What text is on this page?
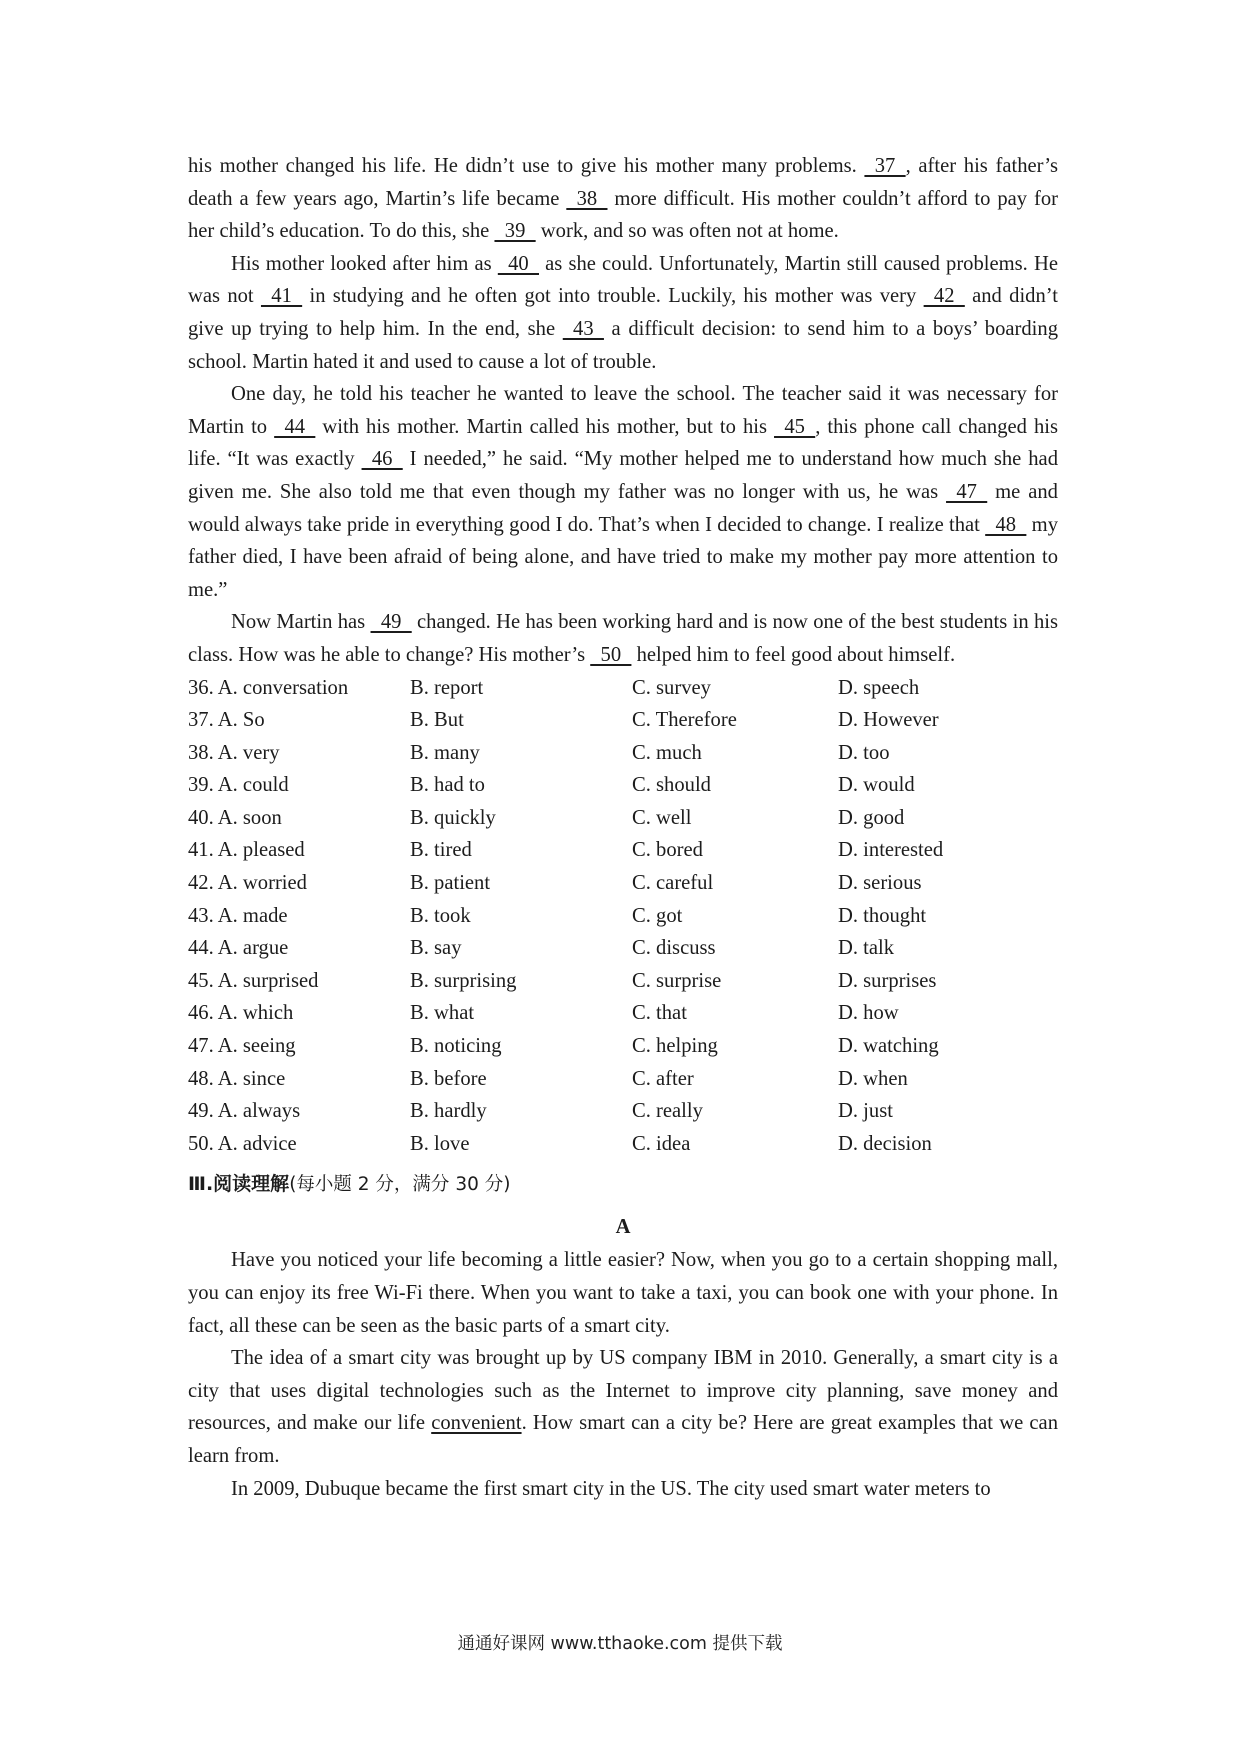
his mother changed his life. He didn’t use to give his mother many problems.   37  , after his father’s death a few years ago, Martin’s life became   38   more difficult. His mother couldn’t afford to pay for her child’s education. To do this, she   39   work, and so was often not at home.

His mother looked after him as   40   as she could. Unfortunately, Martin still caused problems. He was not   41   in studying and he often got into trouble. Luckily, his mother was very   42   and didn’t give up trying to help him. In the end, she   43   a difficult decision: to send him to a boys’ boarding school. Martin hated it and used to cause a lot of trouble.

One day, he told his teacher he wanted to leave the school. The teacher said it was necessary for Martin to   44   with his mother. Martin called his mother, but to his   45  , this phone call changed his life. “It was exactly   46   I needed,” he said. “My mother helped me to understand how much she had given me. She also told me that even though my father was no longer with us, he was   47   me and would always take pride in everything good I do. That’s when I decided to change. I realize that   48   my father died, I have been afraid of being alone, and have tried to make my mother pay more attention to me.”

Now Martin has   49   changed. He has been working hard and is now one of the best students in his class. How was he able to change? His mother’s   50   helped him to feel good about himself.

36. A. conversation	B. report	C. survey	D. speech
37. A. So	B. But	C. Therefore	D. However
38. A. very	B. many	C. much	D. too
39. A. could	B. had to	C. should	D. would
40. A. soon	B. quickly	C. well	D. good
41. A. pleased	B. tired	C. bored	D. interested
42. A. worried	B. patient	C. careful	D. serious
43. A. made	B. took	C. got	D. thought
44. A. argue	B. say	C. discuss	D. talk
45. A. surprised	B. surprising	C. surprise	D. surprises
46. A. which	B. what	C. that	D. how
47. A. seeing	B. noticing	C. helping	D. watching
48. A. since	B. before	C. after	D. when
49. A. always	B. hardly	C. really	D. just
50. A. advice	B. love	C. idea	D. decision
Ⅲ.阅读理解(每小题 2 分，满分 30 分)
A

Have you noticed your life becoming a little easier? Now, when you go to a certain shopping mall, you can enjoy its free Wi-Fi there. When you want to take a taxi, you can book one with your phone. In fact, all these can be seen as the basic parts of a smart city.

The idea of a smart city was brought up by US company IBM in 2010. Generally, a smart city is a city that uses digital technologies such as the Internet to improve city planning, save money and resources, and make our life convenient. How smart can a city be? Here are great examples that we can learn from.

In 2009, Dubuque became the first smart city in the US. The city used smart water meters to

通通好课网 www.tthaoke.com 提供下载
